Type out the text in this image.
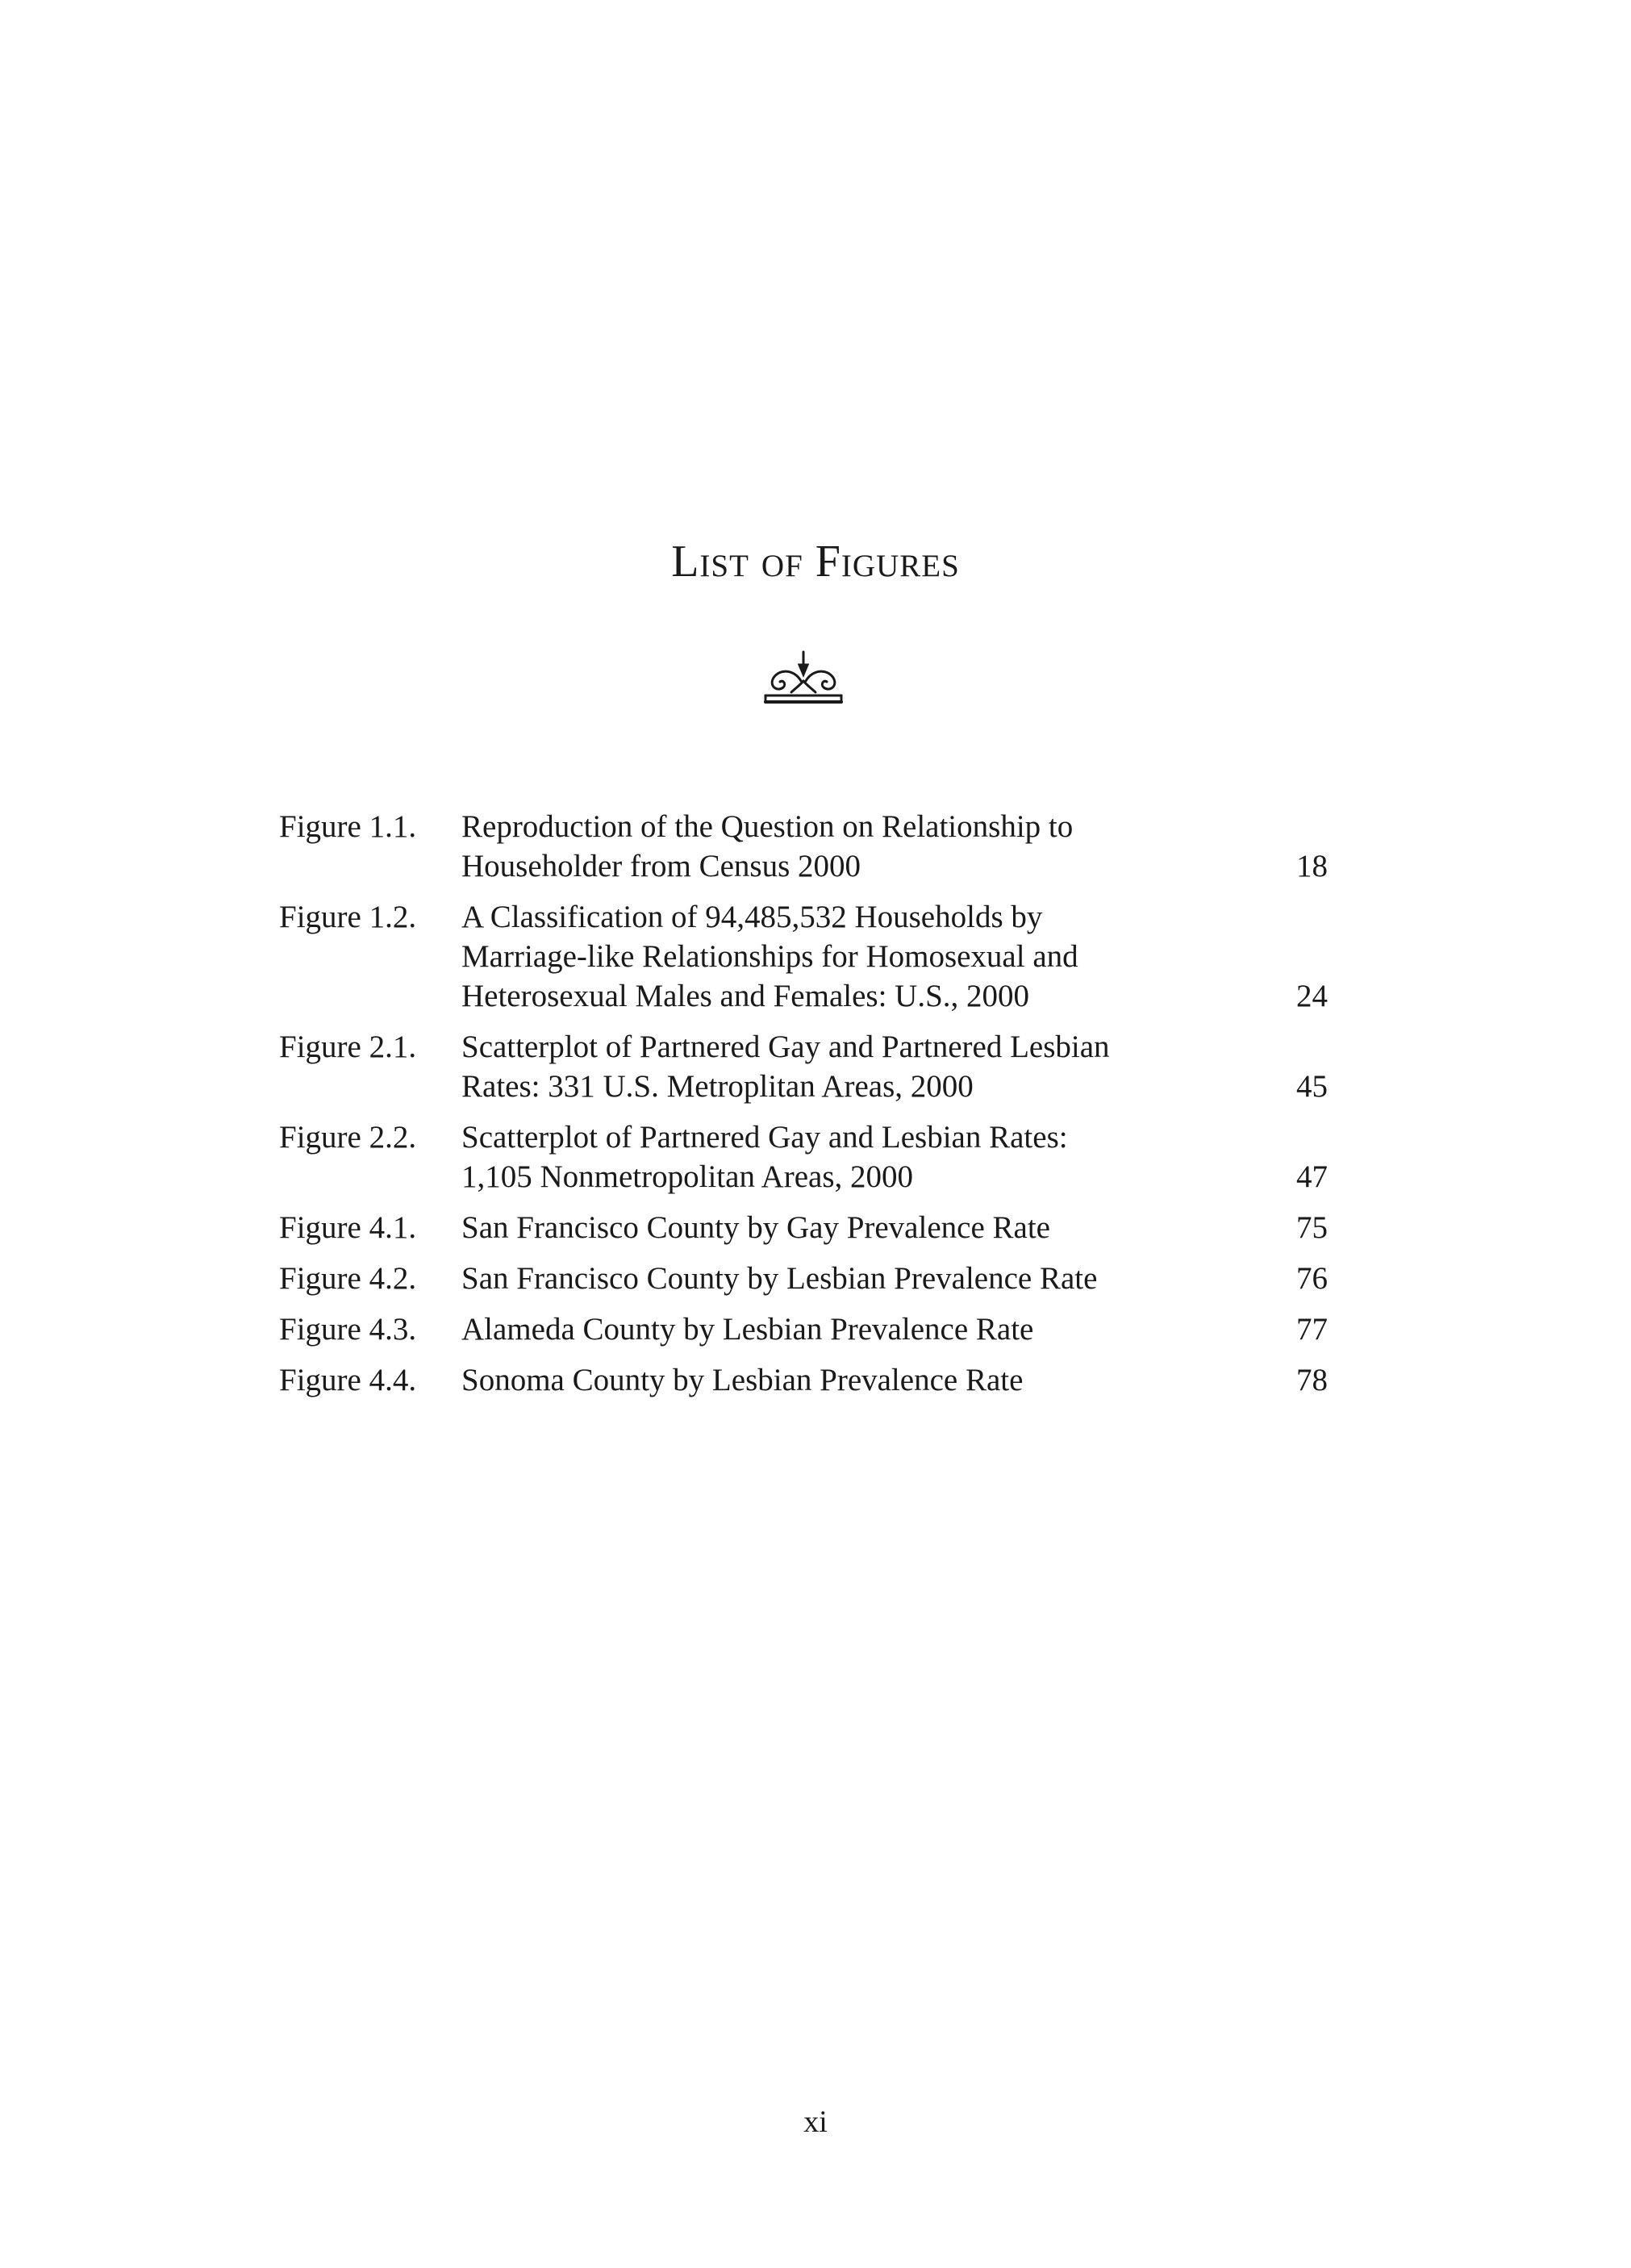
List of Figures
Figure 1.1.	Reproduction of the Question on Relationship to
Householder from Census 2000	18
Figure 1.2.	A Classification of 94,485,532 Households by
Marriage-like Relationships for Homosexual and
Heterosexual Males and Females: U.S., 2000	24
Figure 2.1.	Scatterplot of Partnered Gay and Partnered Lesbian
Rates: 331 U.S. Metroplitan Areas, 2000	45
Figure 2.2.	Scatterplot of Partnered Gay and Lesbian Rates:
1,105 Nonmetropolitan Areas, 2000	47
Figure 4.1.	San Francisco County by Gay Prevalence Rate	75
Figure 4.2.	San Francisco County by Lesbian Prevalence Rate	76
Figure 4.3.	Alameda County by Lesbian Prevalence Rate	77
Figure 4.4.	Sonoma County by Lesbian Prevalence Rate	78
xi
